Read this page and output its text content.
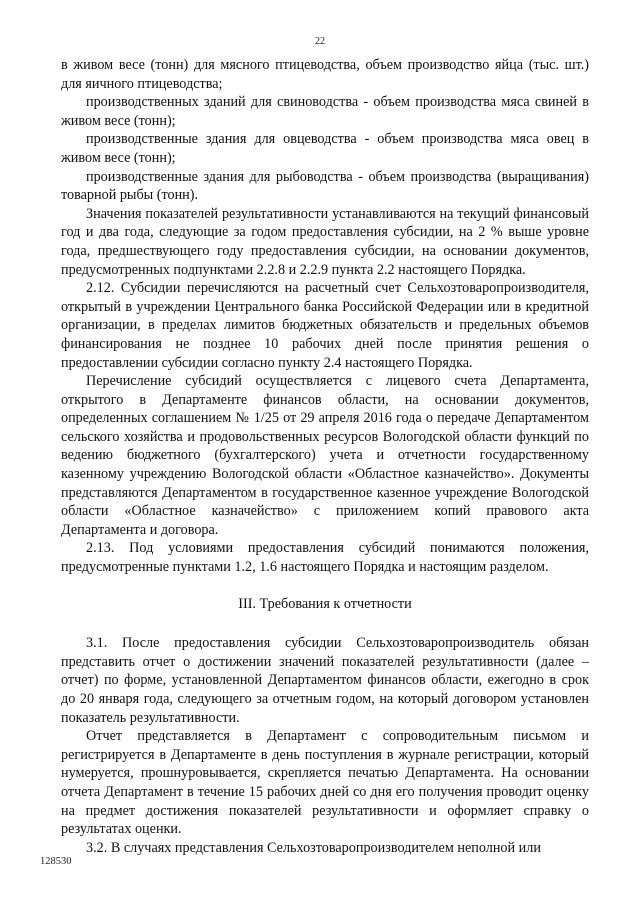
22

в живом весе (тонн) для мясного птицеводства, объем производство яйца (тыс. шт.) для яичного птицеводства;

производственных зданий для свиноводства - объем производства мяса свиней в живом весе (тонн);

производственные здания для овцеводства - объем производства мяса овец в живом весе (тонн);

производственные здания для рыбоводства - объем производства (выращивания) товарной рыбы (тонн).

Значения показателей результативности устанавливаются на текущий финансовый год и два года, следующие за годом предоставления субсидии, на 2 % выше уровне года, предшествующего году предоставления субсидии, на основании документов, предусмотренных подпунктами 2.2.8 и 2.2.9 пункта 2.2 настоящего Порядка.

2.12. Субсидии перечисляются на расчетный счет Сельхозтоваропроизводителя, открытый в учреждении Центрального банка Российской Федерации или в кредитной организации, в пределах лимитов бюджетных обязательств и предельных объемов финансирования не позднее 10 рабочих дней после принятия решения о предоставлении субсидии согласно пункту 2.4 настоящего Порядка.

Перечисление субсидий осуществляется с лицевого счета Департамента, открытого в Департаменте финансов области, на основании документов, определенных соглашением № 1/25 от 29 апреля 2016 года о передаче Департаментом сельского хозяйства и продовольственных ресурсов Вологодской области функций по ведению бюджетного (бухгалтерского) учета и отчетности государственному казенному учреждению Вологодской области «Областное казначейство». Документы представляются Департаментом в государственное казенное учреждение Вологодской области «Областное казначейство» с приложением копий правового акта Департамента и договора.

2.13. Под условиями предоставления субсидий понимаются положения, предусмотренные пунктами 1.2, 1.6 настоящего Порядка и настоящим разделом.

III. Требования к отчетности

3.1. После предоставления субсидии Сельхозтоваропроизводитель обязан представить отчет о достижении значений показателей результативности (далее – отчет) по форме, установленной Департаментом финансов области, ежегодно в срок до 20 января года, следующего за отчетным годом, на который договором установлен показатель результативности.

Отчет представляется в Департамент с сопроводительным письмом и регистрируется в Департаменте в день поступления в журнале регистрации, который нумеруется, прошнуровывается, скрепляется печатью Департамента. На основании отчета Департамент в течение 15 рабочих дней со дня его получения проводит оценку на предмет достижения показателей результативности и оформляет справку о результатах оценки.

3.2. В случаях представления Сельхозтоваропроизводителем неполной или

128530
